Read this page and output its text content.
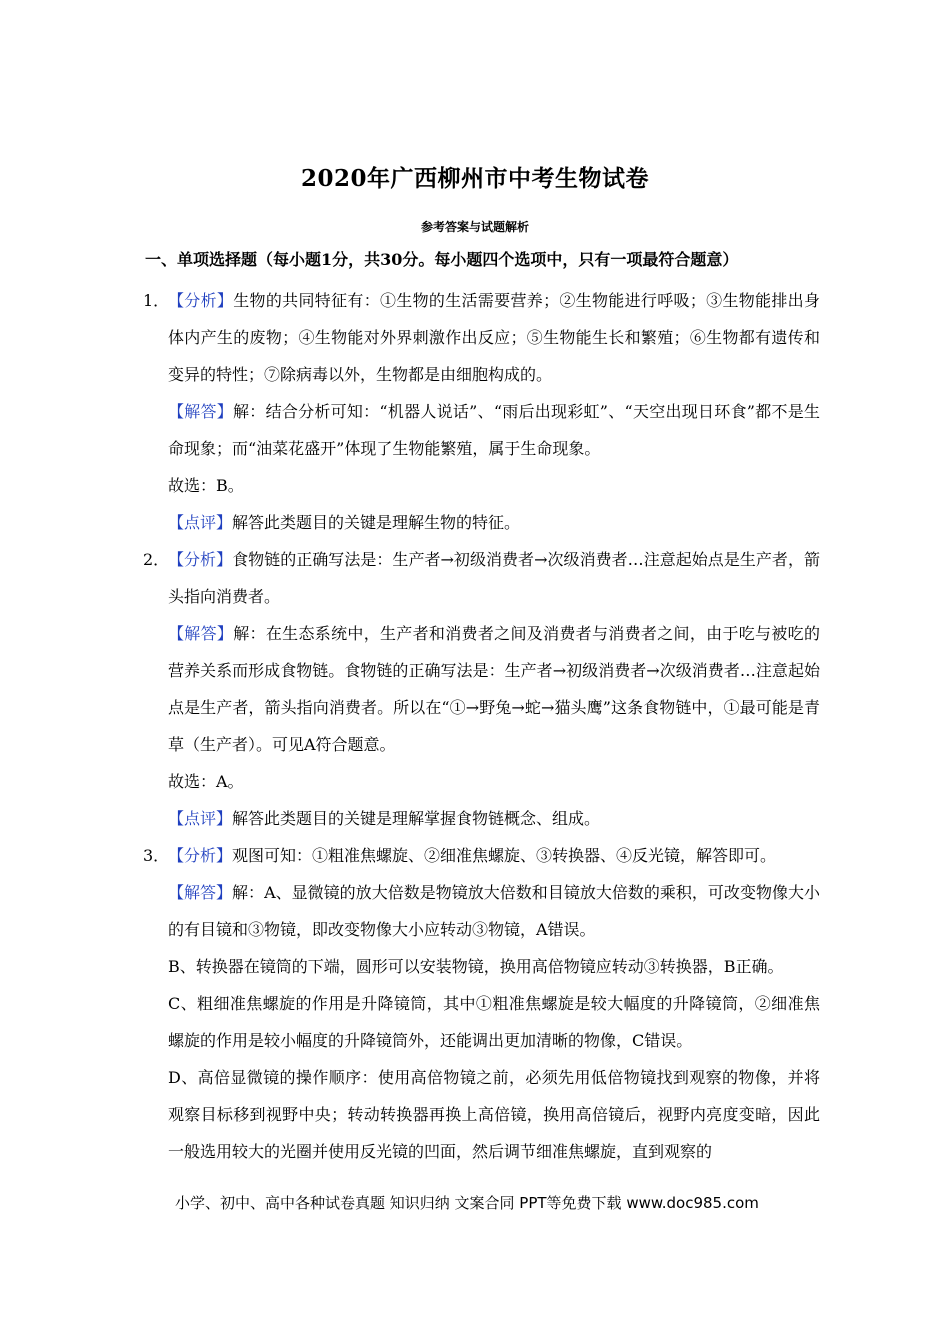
2020年广西柳州市中考生物试卷
参考答案与试题解析
一、单项选择题（每小题1分，共30分。每小题四个选项中，只有一项最符合题意）
1．
【分析】生物的共同特征有：①生物的生活需要营养；②生物能进行呼吸；③生物能排出身体内产生的废物；④生物能对外界刺激作出反应；⑤生物能生长和繁殖；⑥生物都有遗传和变异的特性；⑦除病毒以外，生物都是由细胞构成的。
【解答】解：结合分析可知：“机器人说话”、“雨后出现彩虹”、“天空出现日环食”都不是生命现象；而“油菜花盛开”体现了生物能繁殖，属于生命现象。
故选：B。
【点评】解答此类题目的关键是理解生物的特征。
2．
【分析】食物链的正确写法是：生产者→初级消费者→次级消费者…注意起始点是生产者，箭头指向消费者。
【解答】解：在生态系统中，生产者和消费者之间及消费者与消费者之间，由于吃与被吃的营养关系而形成食物链。食物链的正确写法是：生产者→初级消费者→次级消费者…注意起始点是生产者，箭头指向消费者。所以在“①→野兔→蛇→猫头鹰”这条食物链中，①最可能是青草（生产者）。可见A符合题意。
故选：A。
【点评】解答此类题目的关键是理解掌握食物链概念、组成。
3．
【分析】观图可知：①粗准焦螺旋、②细准焦螺旋、③转换器、④反光镜，解答即可。
【解答】解：A、显微镜的放大倍数是物镜放大倍数和目镜放大倍数的乘积，可改变物像大小的有目镜和③物镜，即改变物像大小应转动③物镜，A错误。
B、转换器在镜筒的下端，圆形可以安装物镜，换用高倍物镜应转动③转换器，B正确。
C、粗细准焦螺旋的作用是升降镜筒，其中①粗准焦螺旋是较大幅度的升降镜筒，②细准焦螺旋的作用是较小幅度的升降镜筒外，还能调出更加清晰的物像，C错误。
D、高倍显微镜的操作顺序：使用高倍物镜之前，必须先用低倍物镜找到观察的物像，并将观察目标移到视野中央；转动转换器再换上高倍镜，换用高倍镜后，视野内亮度变暗，因此一般选用较大的光圈并使用反光镜的凹面，然后调节细准焦螺旋，直到观察的
小学、初中、高中各种试卷真题 知识归纳 文案合同 PPT等免费下载 www.doc985.com
